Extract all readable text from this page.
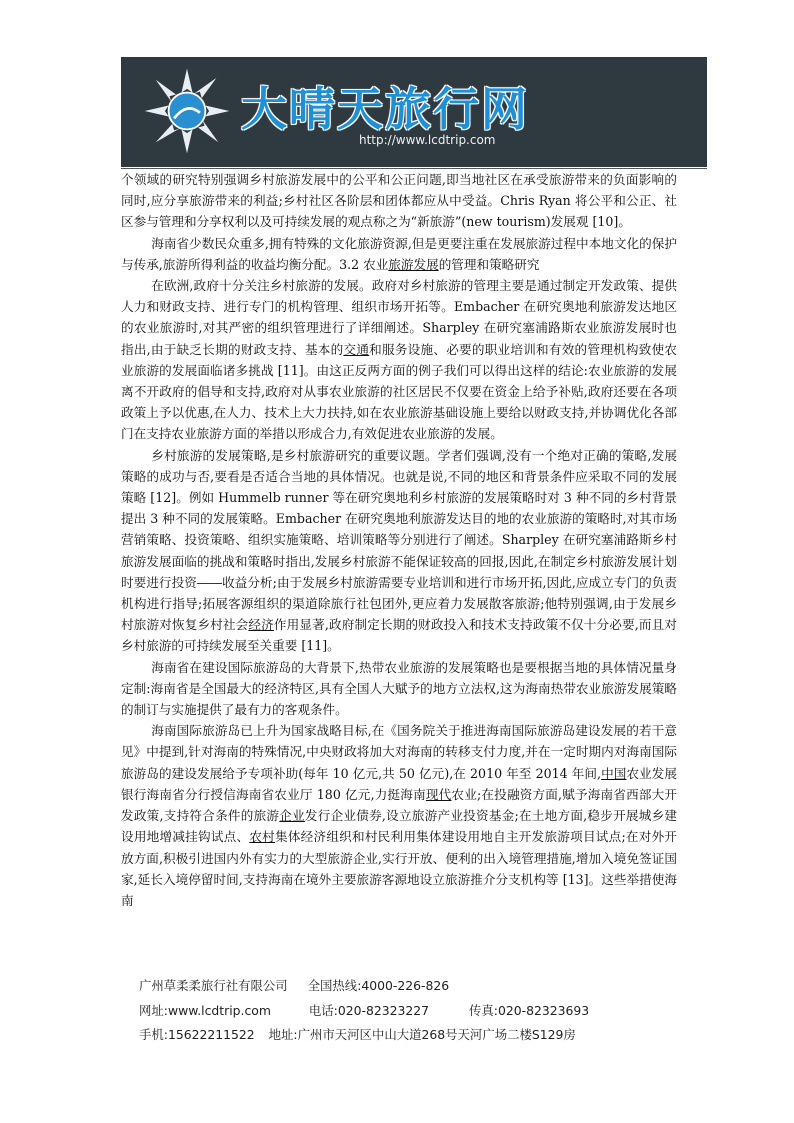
大晴天旅行网
http://www.lcdtrip.com

个领域的研究特别强调乡村旅游发展中的公平和公正问题,即当地社区在承受旅游带来的负面影响的同时,应分享旅游带来的利益;乡村社区各阶层和团体都应从中受益。Chris Ryan 将公平和公正、社区参与管理和分享权利以及可持续发展的观点称之为“新旅游”(new tourism)发展观 [10]。

海南省少数民众重多,拥有特殊的文化旅游资源,但是更要注重在发展旅游过程中本地文化的保护与传承,旅游所得利益的收益均衡分配。3.2 农业旅游发展的管理和策略研究

在欧洲,政府十分关注乡村旅游的发展。政府对乡村旅游的管理主要是通过制定开发政策、提供人力和财政支持、进行专门的机构管理、组织市场开拓等。Embacher 在研究奥地利旅游发达地区的农业旅游时,对其严密的组织管理进行了详细阐述。Sharpley 在研究塞浦路斯农业旅游发展时也指出,由于缺乏长期的财政支持、基本的交通和服务设施、必要的职业培训和有效的管理机构致使农业旅游的发展面临诸多挑战 [11]。由这正反两方面的例子我们可以得出这样的结论:农业旅游的发展离不开政府的倡导和支持,政府对从事农业旅游的社区居民不仅要在资金上给予补贴,政府还要在各项政策上予以优惠,在人力、技术上大力扶持,如在农业旅游基础设施上要给以财政支持,并协调优化各部门在支持农业旅游方面的举措以形成合力,有效促进农业旅游的发展。

乡村旅游的发展策略,是乡村旅游研究的重要议题。学者们强调,没有一个绝对正确的策略,发展策略的成功与否,要看是否适合当地的具体情况。也就是说,不同的地区和背景条件应采取不同的发展策略 [12]。例如 Hummelb runner 等在研究奥地利乡村旅游的发展策略时对 3 种不同的乡村背景提出 3 种不同的发展策略。Embacher 在研究奥地利旅游发达目的地的农业旅游的策略时,对其市场营销策略、投资策略、组织实施策略、培训策略等分别进行了阐述。Sharpley 在研究塞浦路斯乡村旅游发展面临的挑战和策略时指出,发展乡村旅游不能保证较高的回报,因此,在制定乡村旅游发展计划时要进行投资――收益分析;由于发展乡村旅游需要专业培训和进行市场开拓,因此,应成立专门的负责机构进行指导;拓展客源组织的渠道除旅行社包团外,更应着力发展散客旅游;他特别强调,由于发展乡村旅游对恢复乡村社会经济作用显著,政府制定长期的财政投入和技术支持政策不仅十分必要,而且对乡村旅游的可持续发展至关重要 [11]。

海南省在建设国际旅游岛的大背景下,热带农业旅游的发展策略也是要根据当地的具体情况量身定制:海南省是全国最大的经济特区,具有全国人大赋予的地方立法权,这为海南热带农业旅游发展策略的制订与实施提供了最有力的客观条件。

海南国际旅游岛已上升为国家战略目标,在《国务院关于推进海南国际旅游岛建设发展的若干意见》中提到,针对海南的特殊情况,中央财政将加大对海南的转移支付力度,并在一定时期内对海南国际旅游岛的建设发展给予专项补助(每年 10 亿元,共 50 亿元),在 2010 年至 2014 年间,中国农业发展银行海南省分行授信海南省农业厅 180 亿元,力挺海南现代农业;在投融资方面,赋予海南省西部大开发政策,支持符合条件的旅游企业发行企业债券,设立旅游产业投资基金;在土地方面,稳步开展城乡建设用地增减挂钩试点、农村集体经济组织和村民利用集体建设用地自主开发旅游项目试点;在对外开放方面,积极引进国内外有实力的大型旅游企业,实行开放、便利的出入境管理措施,增加入境免签证国家,延长入境停留时间,支持海南在境外主要旅游客源地设立旅游推介分支机构等 [13]。这些举措使海南

广州草柔柔旅行社有限公司 全国热线:4000-226-826
网址:www.lcdtrip.com	电话:020-82323227	传真:020-82323693
手机:15622211522 地址:广州市天河区中山大道268号天河广场二楼S129房
